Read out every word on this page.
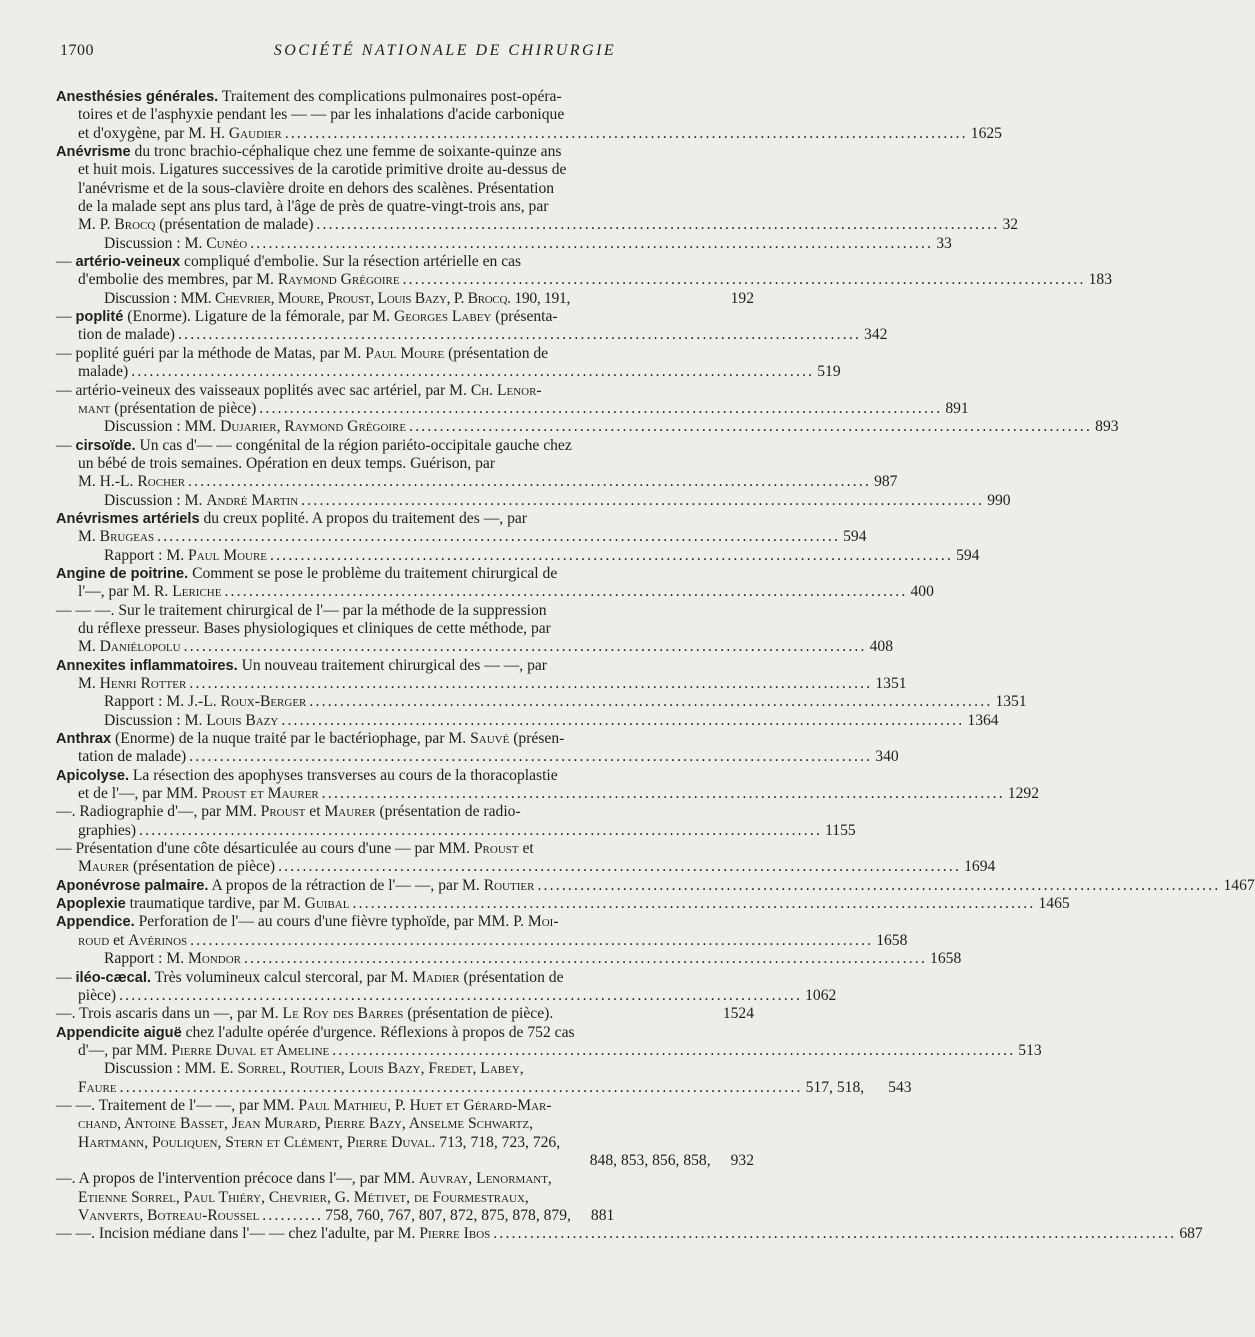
1700	SOCIÉTÉ NATIONALE DE CHIRURGIE

Anesthésies générales. Traitement des complications pulmonaires post-opéra-

toires et de l'asphyxie pendant les — — par les inhalations d'acide carbonique

et d'oxygène, par M. H. Gaudier ................................................................................................................ 1625

Anévrisme du tronc brachio-céphalique chez une femme de soixante-quinze ans

et huit mois. Ligatures successives de la carotide primitive droite au-dessus de

l'anévrisme et de la sous-clavière droite en dehors des scalènes. Présentation

de la malade sept ans plus tard, à l'âge de près de quatre-vingt-trois ans, par

M. P. Brocq (présentation de malade) ................................................................................................................ 32
Discussion : M. Cunéo ................................................................................................................ 33

— artério-veineux compliqué d'embolie. Sur la résection artérielle en cas

d'embolie des membres, par M. Raymond Grégoire ................................................................................................................ 183
Discussion : MM. Chevrier, Moure, Proust, Louis Bazy, P. Brocq. 190, 191,	192

— poplité (Enorme). Ligature de la fémorale, par M. Georges Labey (présenta-

tion de malade) ................................................................................................................ 342

— poplité guéri par la méthode de Matas, par M. Paul Moure (présentation de

malade) ................................................................................................................ 519

— artério-veineux des vaisseaux poplités avec sac artériel, par M. Ch. Lenor-

mant (présentation de pièce) ................................................................................................................ 891
Discussion : MM. Dujarier, Raymond Grégoire ................................................................................................................ 893

— cirsoïde. Un cas d'— — congénital de la région pariéto-occipitale gauche chez

un bébé de trois semaines. Opération en deux temps. Guérison, par

M. H.-L. Rocher ................................................................................................................ 987
Discussion : M. André Martin ................................................................................................................ 990

Anévrismes artériels du creux poplité. A propos du traitement des —, par

M. Brugeas ................................................................................................................ 594
Rapport : M. Paul Moure ................................................................................................................ 594

Angine de poitrine. Comment se pose le problème du traitement chirurgical de

l'—, par M. R. Leriche ................................................................................................................ 400

— — —. Sur le traitement chirurgical de l'— par la méthode de la suppression

du réflexe presseur. Bases physiologiques et cliniques de cette méthode, par

M. Daniélopolu ................................................................................................................ 408

Annexites inflammatoires. Un nouveau traitement chirurgical des — —, par

M. Henri Rotter ................................................................................................................ 1351
Rapport : M. J.-L. Roux-Berger ................................................................................................................ 1351
Discussion : M. Louis Bazy ................................................................................................................ 1364

Anthrax (Enorme) de la nuque traité par le bactériophage, par M. Sauvé (présen-

tation de malade) ................................................................................................................ 340

Apicolyse. La résection des apophyses transverses au cours de la thoracoplastie

et de l'—, par MM. Proust et Maurer ................................................................................................................ 1292

—. Radiographie d'—, par MM. Proust et Maurer (présentation de radio-

graphies) ................................................................................................................ 1155

— Présentation d'une côte désarticulée au cours d'une — par MM. Proust et

Maurer (présentation de pièce) ................................................................................................................ 1694
Aponévrose palmaire. A propos de la rétraction de l'— —, par M. Routier ................................................................................................................ 1467
Apoplexie traumatique tardive, par M. Guibal ................................................................................................................ 1465

Appendice. Perforation de l'— au cours d'une fièvre typhoïde, par MM. P. Moi-

roud et Avérinos ................................................................................................................ 1658
Rapport : M. Mondor ................................................................................................................ 1658

— iléo-cæcal. Très volumineux calcul stercoral, par M. Madier (présentation de

pièce) ................................................................................................................ 1062
—. Trois ascaris dans un —, par M. Le Roy des Barres (présentation de pièce).	1524

Appendicite aiguë chez l'adulte opérée d'urgence. Réflexions à propos de 752 cas

d'—, par MM. Pierre Duval et Ameline ................................................................................................................ 513

Discussion : MM. E. Sorrel, Routier, Louis Bazy, Fredet, Labey,

Faure ................................................................................................................ 517, 518, 543

— —. Traitement de l'— —, par MM. Paul Mathieu, P. Huet et Gérard-Mar-

chand, Antoine Basset, Jean Murard, Pierre Bazy, Anselme Schwartz,

Hartmann, Pouliquen, Stern et Clément, Pierre Duval. 713, 718, 723, 726,

848, 853, 856, 858, 932

—. A propos de l'intervention précoce dans l'—, par MM. Auvray, Lenormant,

Etienne Sorrel, Paul Thiéry, Chevrier, G. Métivet, de Fourmestraux,

Vanverts, Botreau-Roussel .......... 758, 760, 767, 807, 872, 875, 878, 879, 881
— —. Incision médiane dans l'— — chez l'adulte, par M. Pierre Ibos ................................................................................................................ 687
